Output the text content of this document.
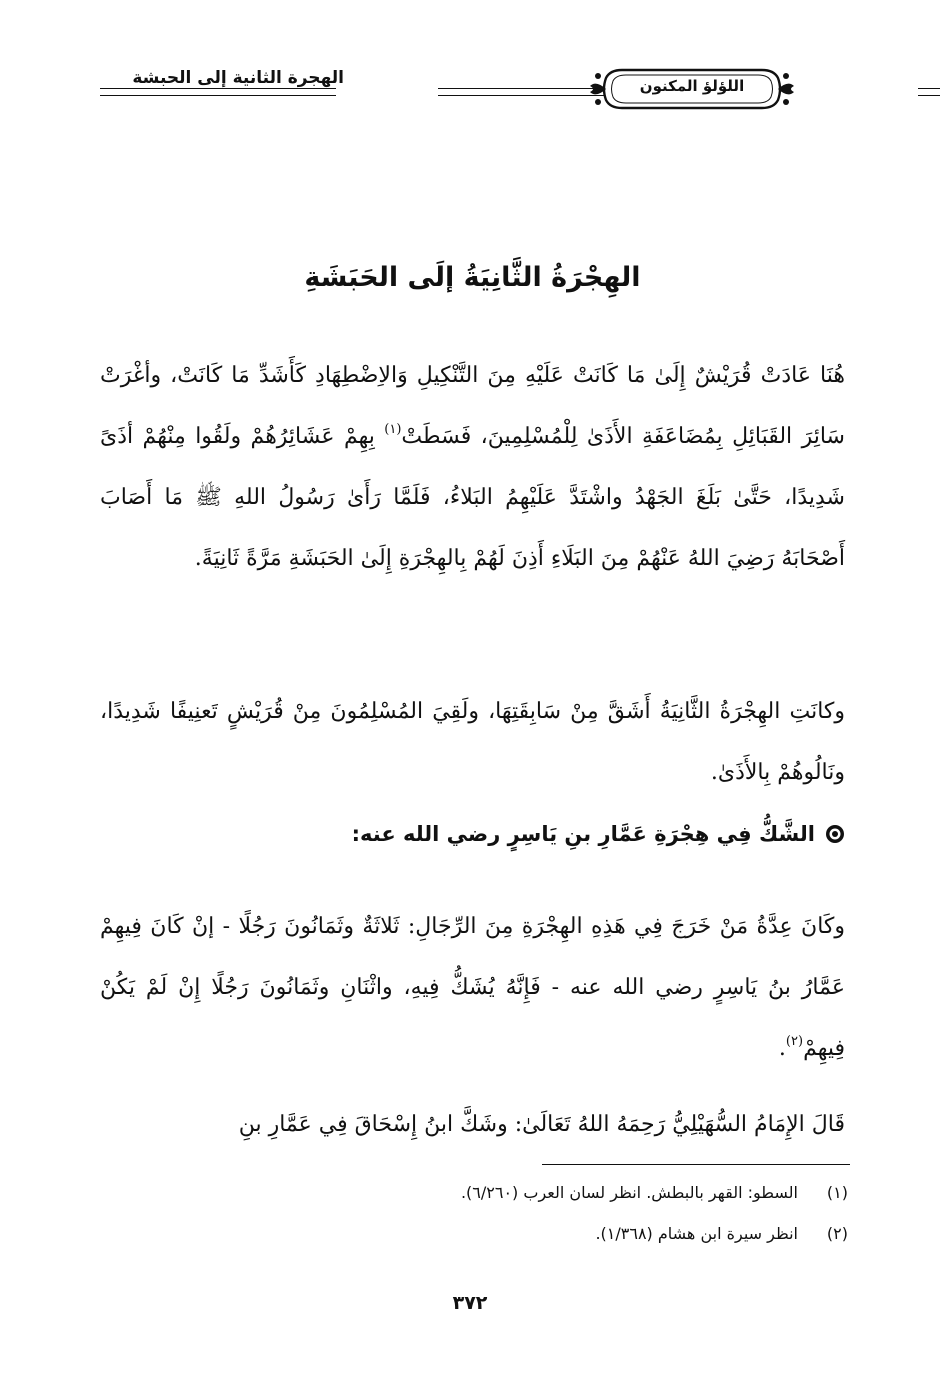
الهجرة الثانية إلى الحبشة	اللؤلؤ المكنون
الهِجْرَةُ الثَّانِيَةُ إلَى الحَبَشَةِ
هُنَا عَادَتْ قُرَيْشٌ إِلَىٰ مَا كَانَتْ عَلَيْهِ مِنَ التَّنْكِيلِ وَالاِضْطِهَادِ كَأَشَدِّ مَا كَانَتْ، وأغْرَتْ سَائِرَ القَبَائِلِ بِمُضَاعَفَةِ الأَذَىٰ لِلْمُسْلِمِينَ، فَسَطَتْ$^{(١)}$ بِهِمْ عَشَائِرُهُمْ ولَقُوا مِنْهُمْ أذَىً شَدِيدًا، حَتَّىٰ بَلَغَ الجَهْدُ واشْتَدَّ عَلَيْهِمُ البَلاءُ، فَلَمَّا رَأَىٰ رَسُولُ اللهِ ﷺ مَا أَصَابَ أَصْحَابَهُ رَضِيَ اللهُ عَنْهُمْ مِنَ البَلَاءِ أَذِنَ لَهُمْ بِالهِجْرَةِ إِلَىٰ الحَبَشَةِ مَرَّةً ثَانِيَةً.
وكانَتِ الهِجْرَةُ الثَّانِيَةُ أَشَقَّ مِنْ سَابِقَتِهَا، ولَقِيَ المُسْلِمُونَ مِنْ قُرَيْشٍ تَعنِيفًا شَدِيدًا، ونَالُوهُمْ بِالأَذَىٰ.
الشَّكُّ فِي هِجْرَةِ عَمَّارِ بنِ يَاسِرٍ رضي الله عنه:
وكَانَ عِدَّةُ مَنْ خَرَجَ فِي هَذِهِ الهِجْرَةِ مِنَ الرِّجَالِ: ثَلاثَةٌ وثَمَانُونَ رَجُلًا - إنْ كَانَ فِيهِمْ عَمَّارُ بنُ يَاسِرٍ رضي الله عنه - فَإِنَّهُ يُشَكُّ فِيهِ، واثْنَانِ وثَمَانُونَ رَجُلًا إِنْ لَمْ يَكُنْ فِيهِمْ$^{(٢)}$.
قَالَ الإِمَامُ السُّهَيْلِيُّ رَحِمَهُ اللهُ تَعَالَىٰ: وشَكَّ ابنُ إِسْحَاقَ فِي عَمَّارِ بنِ
(١)السطو: القهر بالبطش. انظر لسان العرب (٦/٢٦٠).
(٢)انظر سيرة ابن هشام (١/٣٦٨).
٣٧٢
